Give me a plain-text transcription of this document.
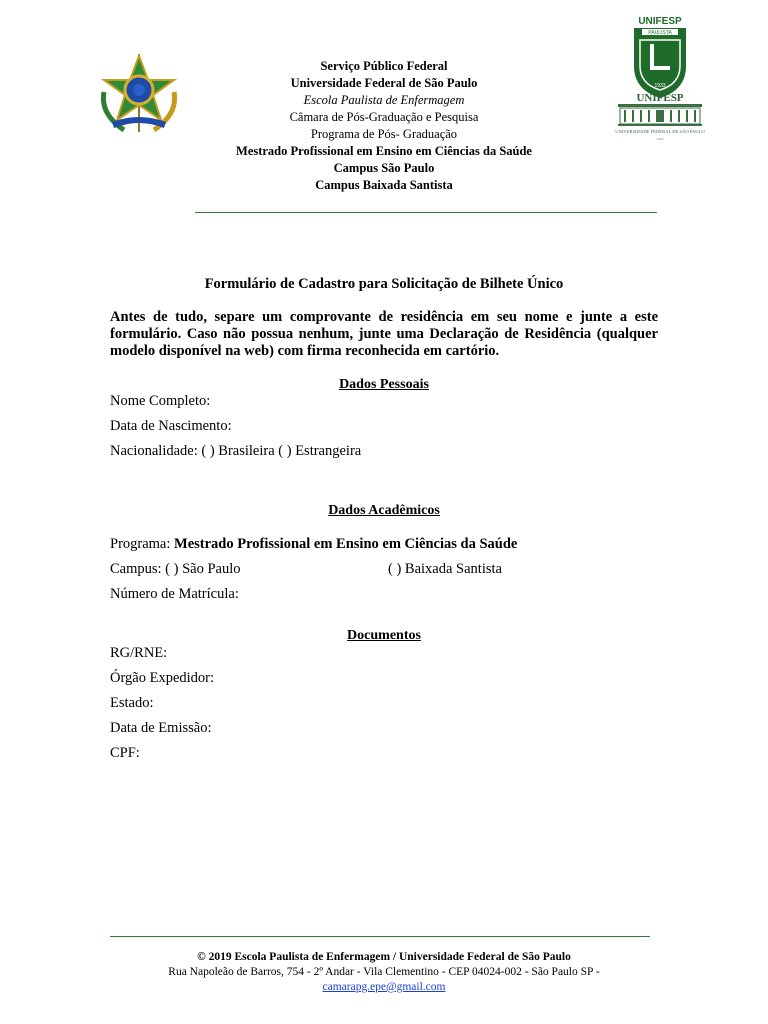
UNIFESP
PAULISTA
1933
UNIFESP
UNIVERSIDADE FEDERAL DE SÃO PAULO
1933
Serviço Público Federal
Universidade Federal de São Paulo
Escola Paulista de Enfermagem
Câmara de Pós-Graduação e Pesquisa
Programa de Pós- Graduação
Mestrado Profissional em Ensino em Ciências da Saúde
Campus São Paulo
Campus Baixada Santista
Formulário de Cadastro para Solicitação de Bilhete Único
Antes de tudo, separe um comprovante de residência em seu nome e junte a este formulário. Caso não possua nenhum, junte uma Declaração de Residência (qualquer modelo disponível na web) com firma reconhecida em cartório.
Dados Pessoais
Nome Completo:
Data de Nascimento:
Nacionalidade: ( ) Brasileira ( ) Estrangeira
Dados Acadêmicos
Programa: Mestrado Profissional em Ensino em Ciências da Saúde
Campus: ( ) São Paulo	( ) Baixada Santista
Número de Matrícula:
Documentos
RG/RNE:
Órgão Expedidor:
Estado:
Data de Emissão:
CPF:
© 2019 Escola Paulista de Enfermagem / Universidade Federal de São Paulo
Rua Napoleão de Barros, 754 - 2º Andar - Vila Clementino - CEP 04024-002 - São Paulo SP -
camarapg.epe@gmail.com
